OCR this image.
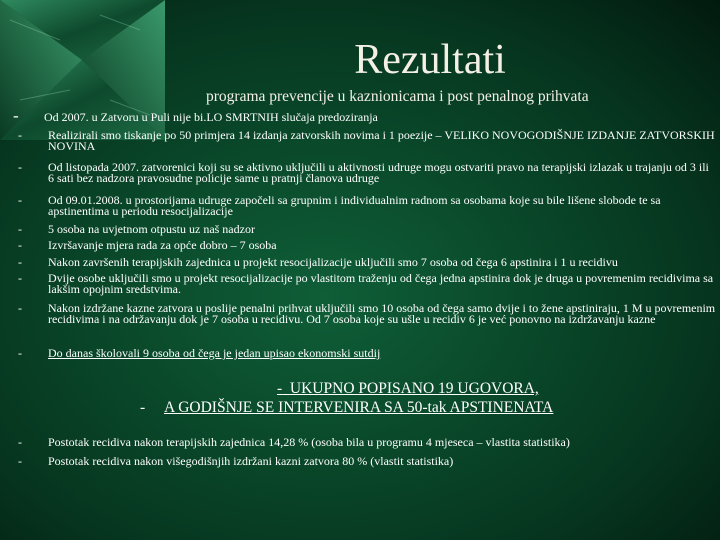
Rezultati
programa prevencije u kaznionicama i post penalnog prihvata
- Od 2007. u Zatvoru u Puli nije bi.LO SMRTNIH slučaja predoziranja
- Realizirali smo tiskanje po 50 primjera 14 izdanja zatvorskih novima i 1 poezije – VELIKO NOVOGODIŠNJE IZDANJE ZATVORSKIH NOVINA
- Od listopada 2007. zatvorenici koji su se aktivno uključili u aktivnosti udruge mogu ostvariti pravo na terapijski izlazak u trajanju od 3 ili 6 sati bez nadzora pravosudne policije same u pratnji članova udruge
- Od 09.01.2008. u prostorijama udruge započeli sa grupnim i individualnim radnom sa osobama koje su bile lišene slobode te sa apstinentima u periodu resocijalizacije
- 5 osoba na uvjetnom otpustu uz naš nadzor
- Izvršavanje mjera rada za opće dobro – 7 osoba
- Nakon završenih terapijskih zajednica u projekt resocijalizacije uključili smo 7 osoba od čega 6 apstinira i 1 u recidivu
- Dvije osobe uključili smo u projekt resocijalizacije po vlastitom traženju od čega jedna apstinira dok je druga u povremenim recidivima sa lakšim opojnim sredstvima.
- Nakon izdržane kazne zatvora u poslije penalni prihvat uključili smo 10 osoba od čega samo dvije i to žene apstiniraju, 1 M u povremenim recidivima i na održavanju dok je 7 osoba u recidivu. Od 7 osoba koje su ušle u recidiv 6 je već ponovno na izdržavanju kazne
- Do danas školovali 9 osoba od čega je jedan upisao ekonomski sutdij
-
- UKUPNO POPISANO 19 UGOVORA,
A GODIŠNJE SE INTERVENIRA SA 50-tak APSTINENATA
- Postotak recidiva nakon terapijskih zajednica 14,28 % (osoba bila u programu 4 mjeseca – vlastita statistika)
- Postotak recidiva nakon višegodišnjih izdržani kazni zatvora 80 % (vlastit statistika)
